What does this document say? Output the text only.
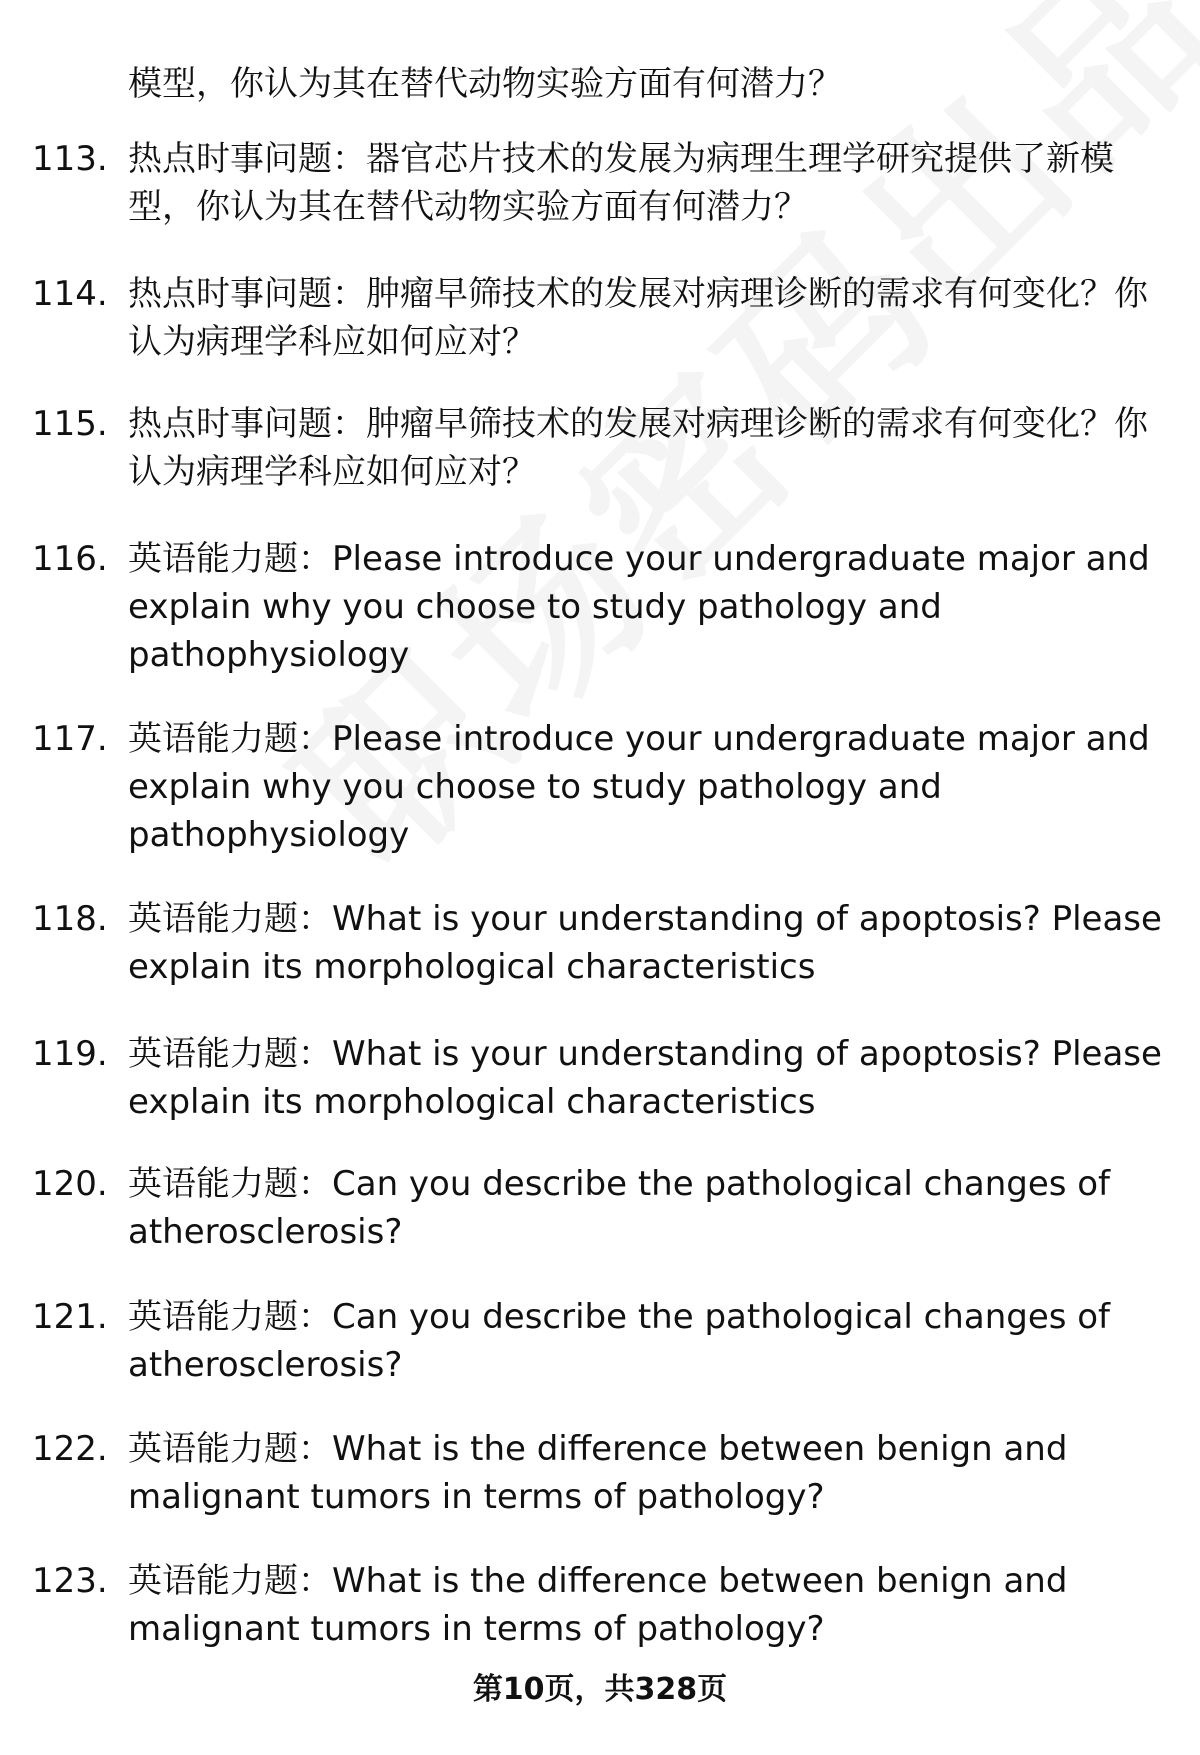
模型，你认为其在替代动物实验方面有何潜力？
113. 热点时事问题：器官芯片技术的发展为病理生理学研究提供了新模型，你认为其在替代动物实验方面有何潜力？
114. 热点时事问题：肿瘤早筛技术的发展对病理诊断的需求有何变化？你认为病理学科应如何应对？
115. 热点时事问题：肿瘤早筛技术的发展对病理诊断的需求有何变化？你认为病理学科应如何应对？
116. 英语能力题：Please introduce your undergraduate major and explain why you choose to study pathology and pathophysiology
117. 英语能力题：Please introduce your undergraduate major and explain why you choose to study pathology and pathophysiology
118. 英语能力题：What is your understanding of apoptosis? Please explain its morphological characteristics
119. 英语能力题：What is your understanding of apoptosis? Please explain its morphological characteristics
120. 英语能力题：Can you describe the pathological changes of atherosclerosis?
121. 英语能力题：Can you describe the pathological changes of atherosclerosis?
122. 英语能力题：What is the difference between benign and malignant tumors in terms of pathology?
123. 英语能力题：What is the difference between benign and malignant tumors in terms of pathology?
第10页，共328页
